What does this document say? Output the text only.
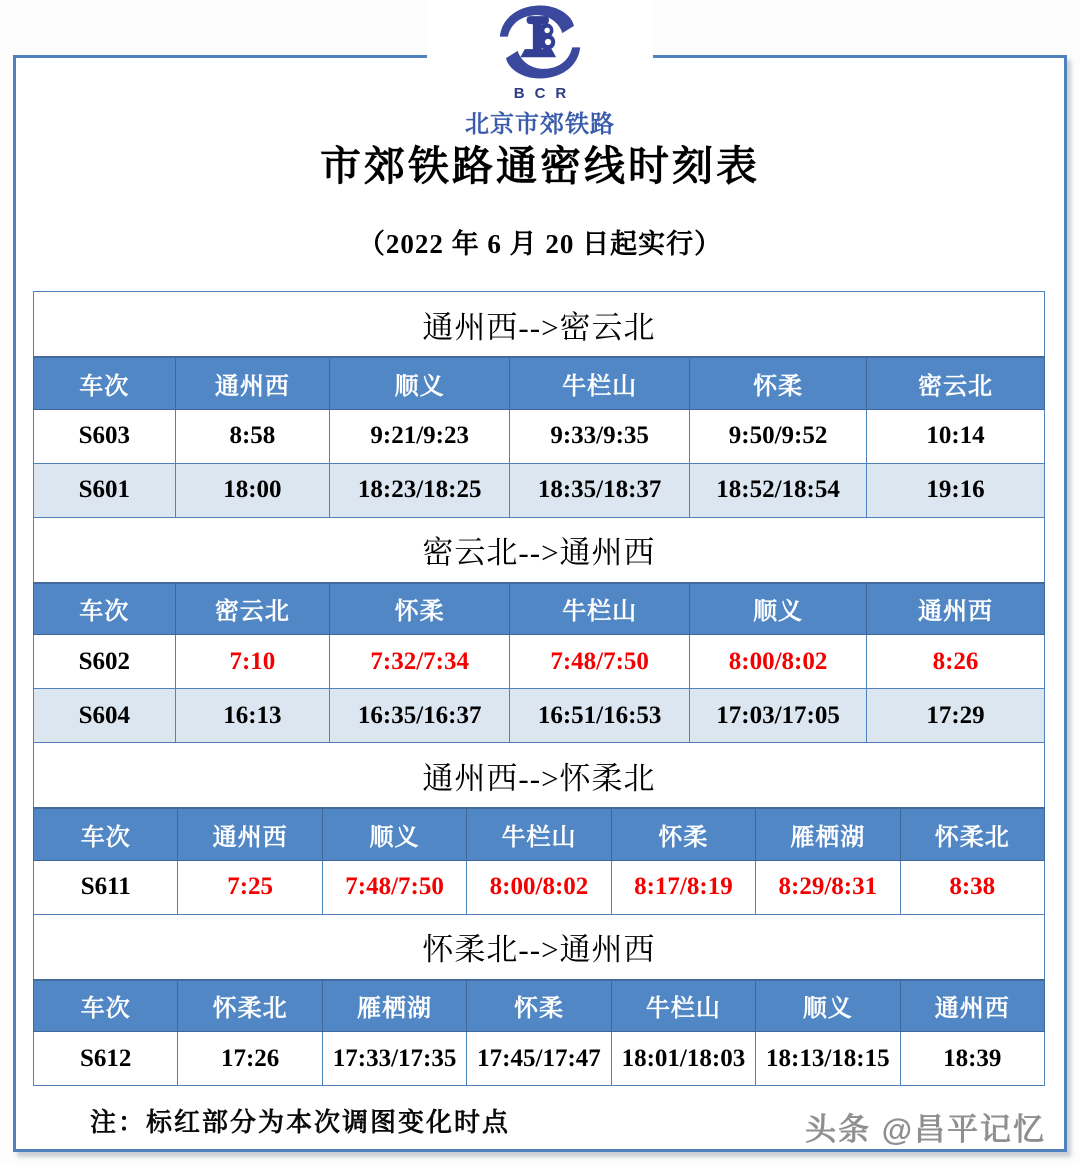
BCR
北京市郊铁路
市郊铁路通密线时刻表
（2022 年 6 月 20 日起实行）
通州西-->密云北
车次	通州西	顺义	牛栏山	怀柔	密云北
S603	8:58	9:21/9:23	9:33/9:35	9:50/9:52	10:14
S601	18:00	18:23/18:25	18:35/18:37	18:52/18:54	19:16
密云北-->通州西
车次	密云北	怀柔	牛栏山	顺义	通州西
S602	7:10	7:32/7:34	7:48/7:50	8:00/8:02	8:26
S604	16:13	16:35/16:37	16:51/16:53	17:03/17:05	17:29
通州西-->怀柔北
车次	通州西	顺义	牛栏山	怀柔	雁栖湖	怀柔北
S611	7:25	7:48/7:50	8:00/8:02	8:17/8:19	8:29/8:31	8:38
怀柔北-->通州西
车次	怀柔北	雁栖湖	怀柔	牛栏山	顺义	通州西
S612	17:26	17:33/17:35	17:45/17:47	18:01/18:03	18:13/18:15	18:39
注：标红部分为本次调图变化时点	头条 @昌平记忆
